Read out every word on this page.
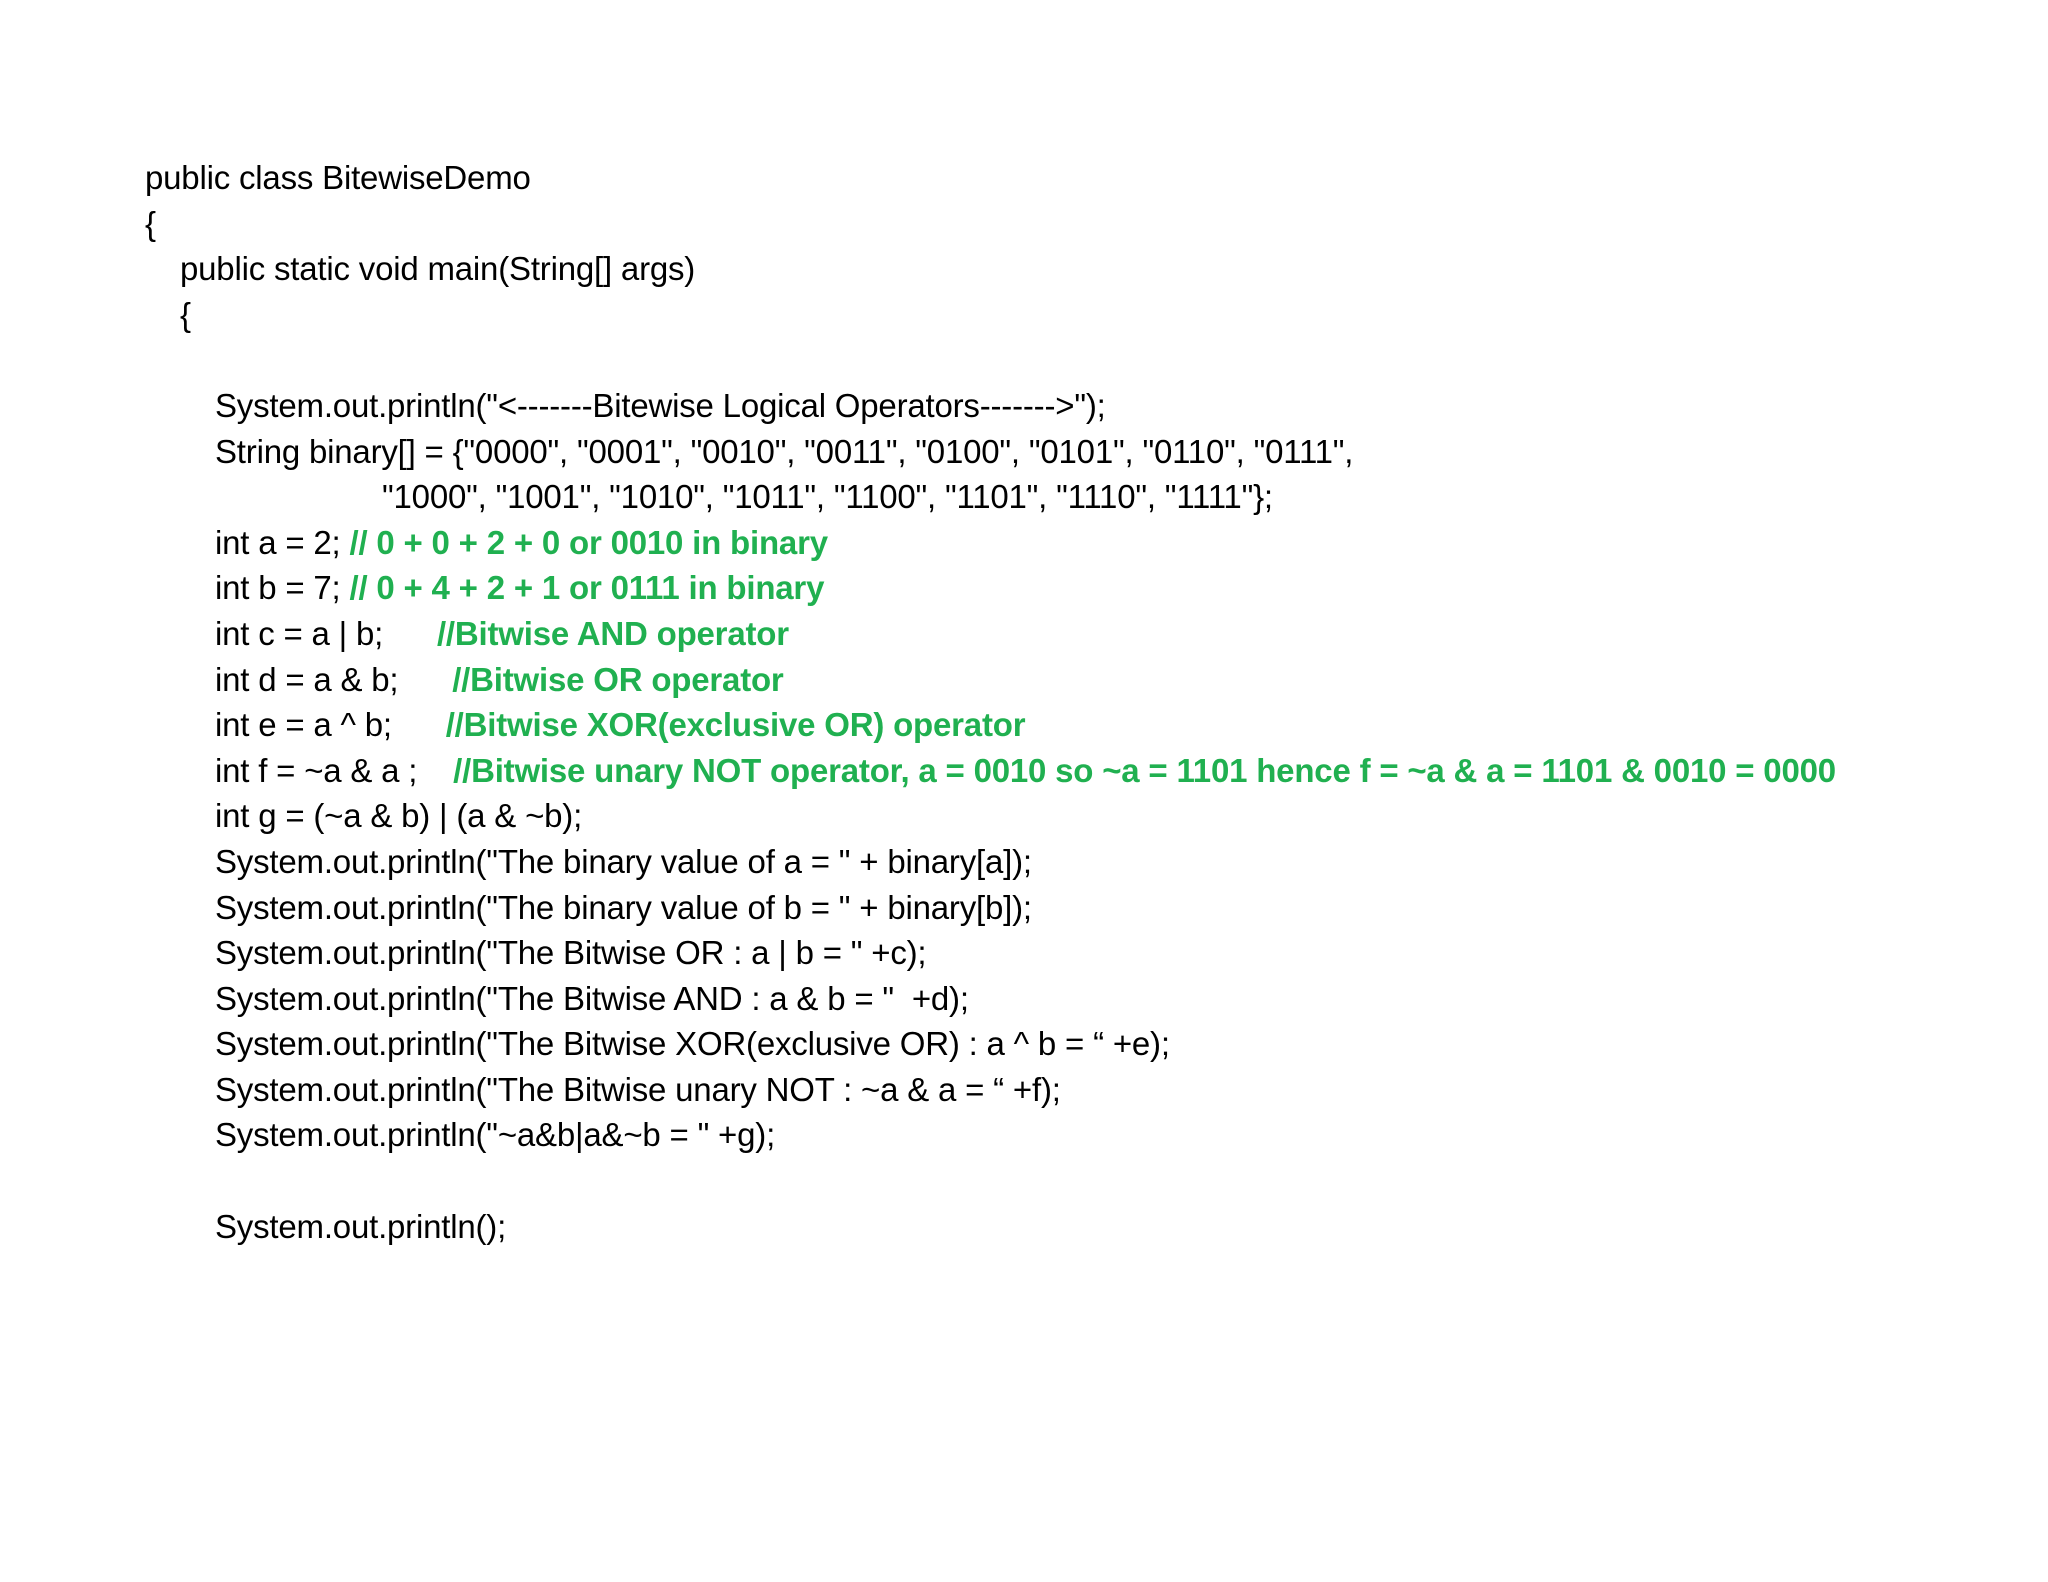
public class BitewiseDemo
{
public static void main(String[] args)
{
System.out.println("<-------Bitewise Logical Operators------->");
String binary[] = {"0000", "0001", "0010", "0011", "0100", "0101", "0110", "0111",
"1000", "1001", "1010", "1011", "1100", "1101", "1110", "1111"};
int a = 2; // 0 + 0 + 2 + 0 or 0010 in binary
int b = 7; // 0 + 4 + 2 + 1 or 0111 in binary
int c = a | b;      //Bitwise AND operator
int d = a & b;      //Bitwise OR operator
int e = a ^ b;      //Bitwise XOR(exclusive OR) operator
int f = ~a & a ;    //Bitwise unary NOT operator, a = 0010 so ~a = 1101 hence f = ~a & a = 1101 & 0010 = 0000
int g = (~a & b) | (a & ~b);
System.out.println("The binary value of a = " + binary[a]);
System.out.println("The binary value of b = " + binary[b]);
System.out.println("The Bitwise OR : a | b = " +c);
System.out.println("The Bitwise AND : a & b = "  +d);
System.out.println("The Bitwise XOR(exclusive OR) : a ^ b = “ +e);
System.out.println("The Bitwise unary NOT : ~a & a = “ +f);
System.out.println("~a&b|a&~b = " +g);
System.out.println();
